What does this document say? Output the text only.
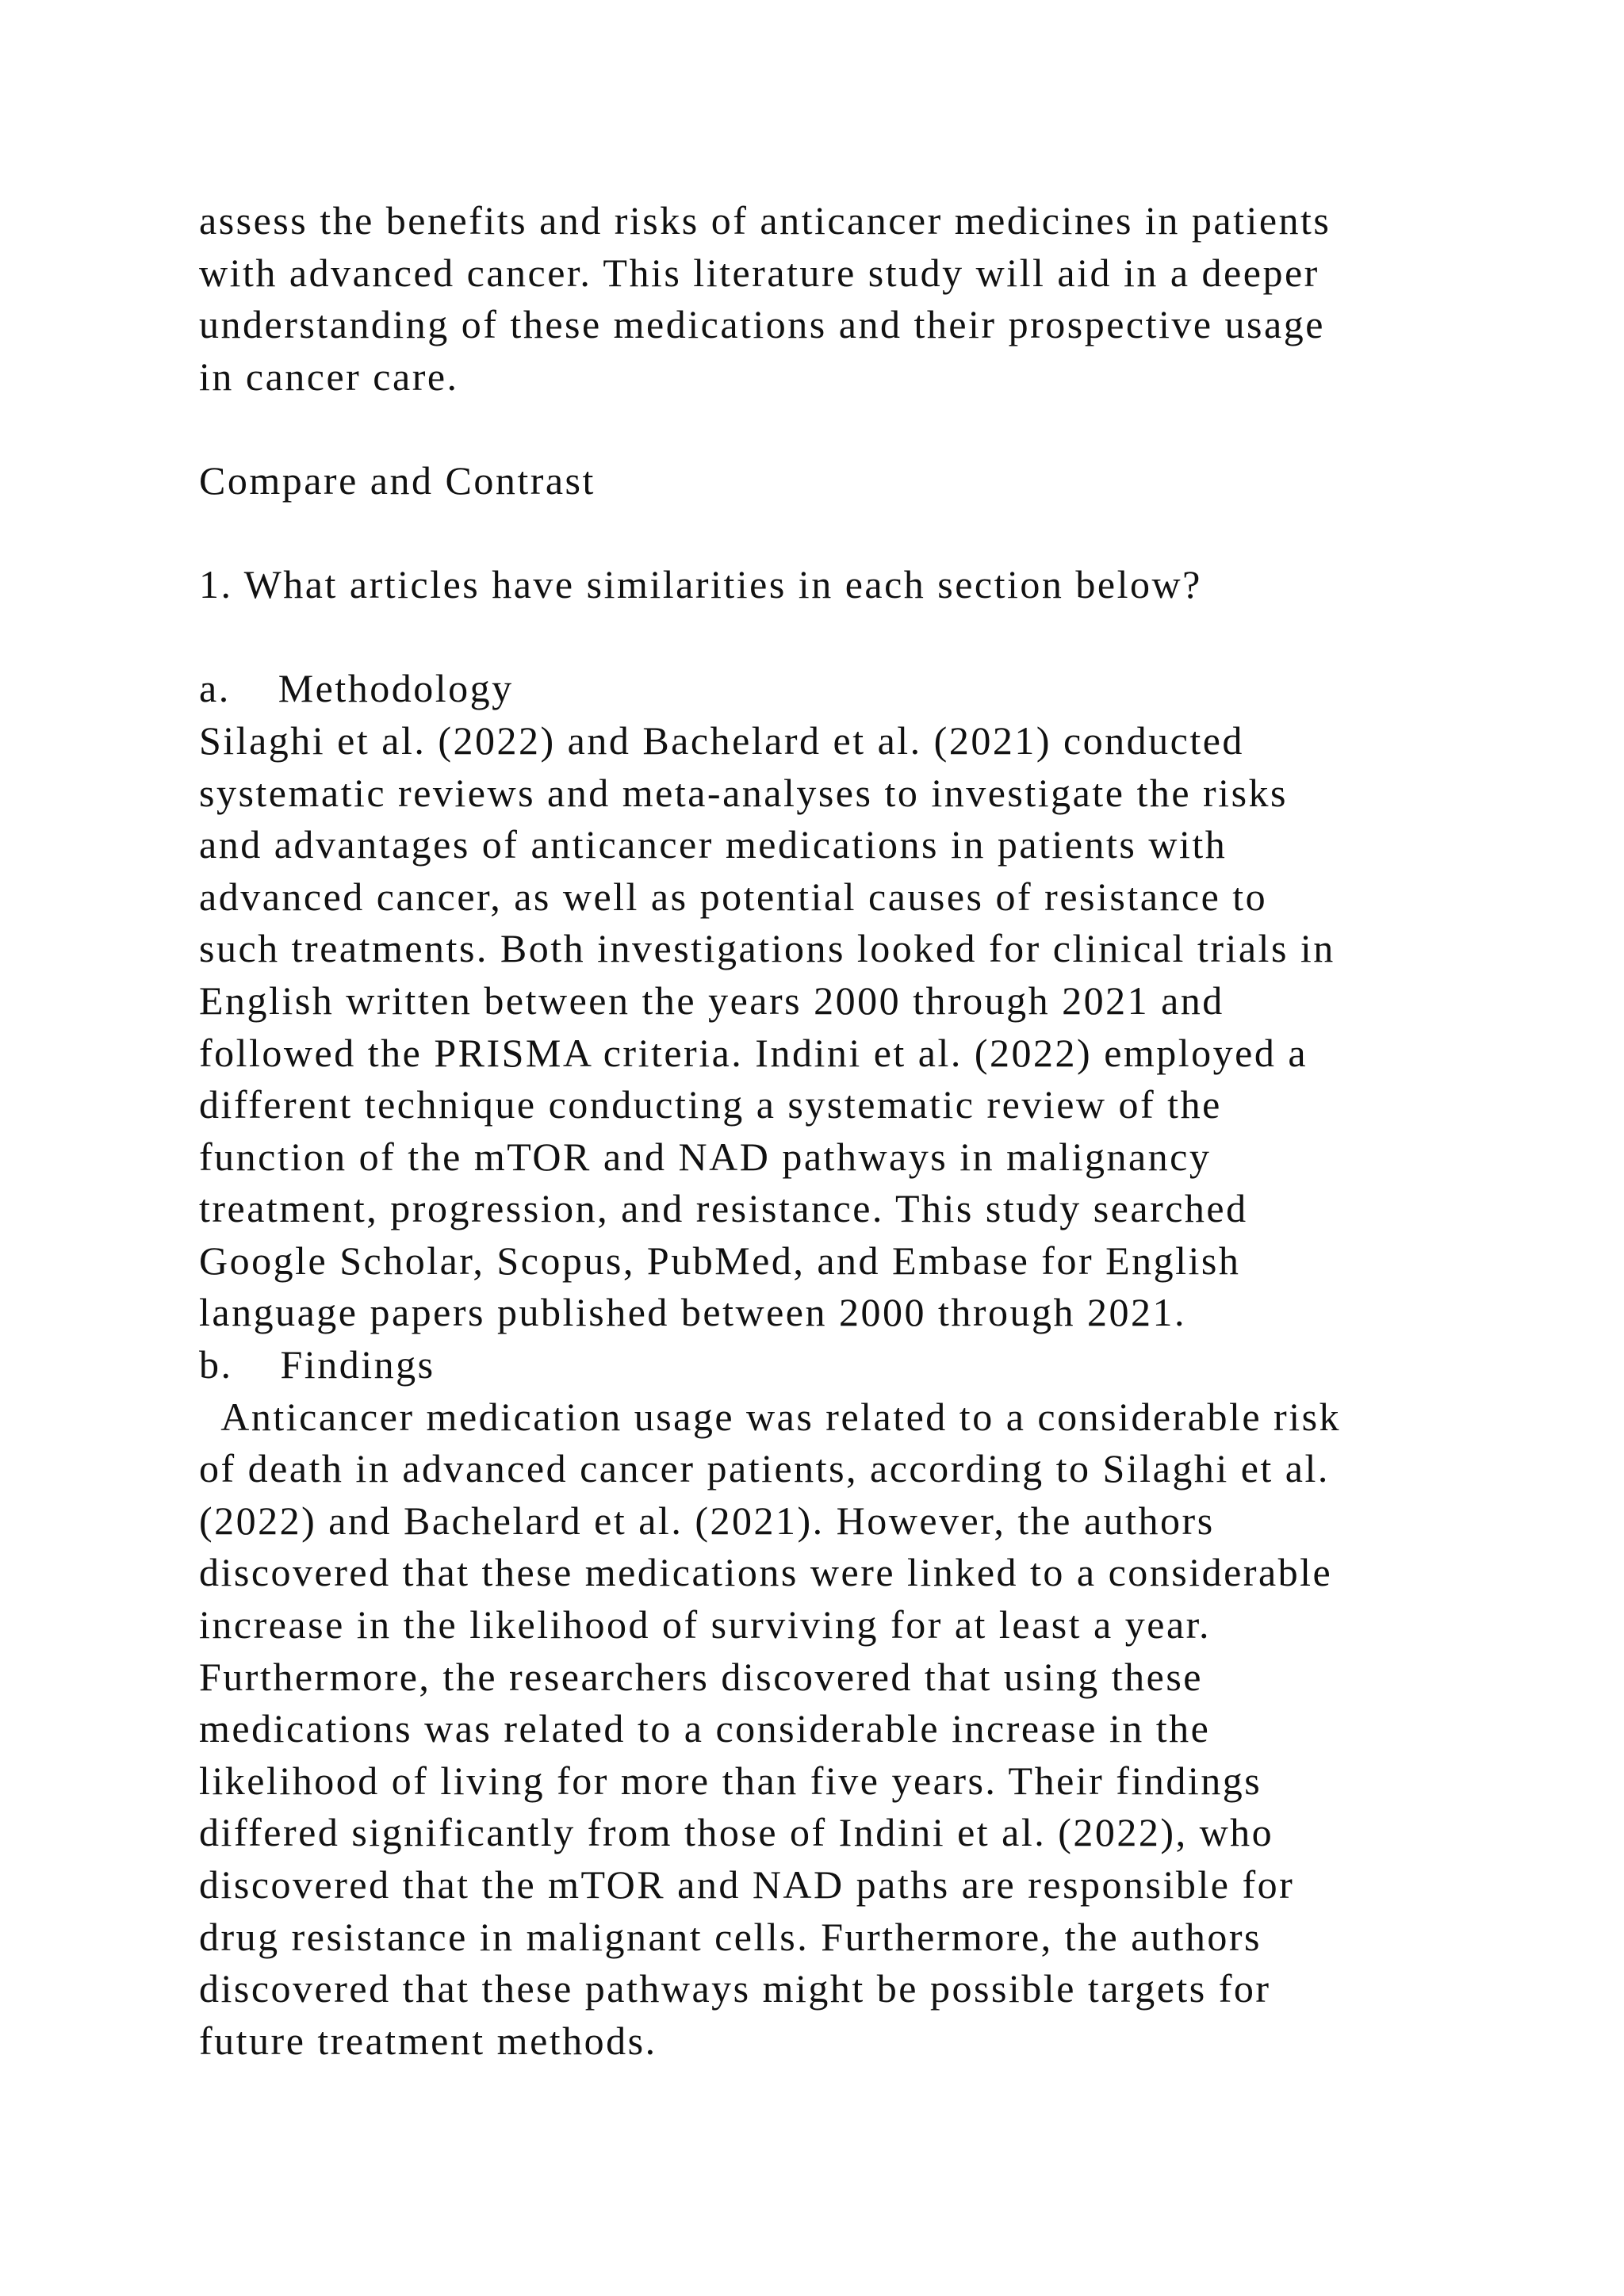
assess the benefits and risks of anticancer medicines in patients
with advanced cancer. This literature study will aid in a deeper
understanding of these medications and their prospective usage
in cancer care.
Compare and Contrast
1. What articles have similarities in each section below?
a.    Methodology
Silaghi et al. (2022) and Bachelard et al. (2021) conducted
systematic reviews and meta-analyses to investigate the risks
and advantages of anticancer medications in patients with
advanced cancer, as well as potential causes of resistance to
such treatments. Both investigations looked for clinical trials in
English written between the years 2000 through 2021 and
followed the PRISMA criteria. Indini et al. (2022) employed a
different technique conducting a systematic review of the
function of the mTOR and NAD pathways in malignancy
treatment, progression, and resistance. This study searched
Google Scholar, Scopus, PubMed, and Embase for English
language papers published between 2000 through 2021.
b.    Findings
Anticancer medication usage was related to a considerable risk
of death in advanced cancer patients, according to Silaghi et al.
(2022) and Bachelard et al. (2021). However, the authors
discovered that these medications were linked to a considerable
increase in the likelihood of surviving for at least a year.
Furthermore, the researchers discovered that using these
medications was related to a considerable increase in the
likelihood of living for more than five years. Their findings
differed significantly from those of Indini et al. (2022), who
discovered that the mTOR and NAD paths are responsible for
drug resistance in malignant cells. Furthermore, the authors
discovered that these pathways might be possible targets for
future treatment methods.
